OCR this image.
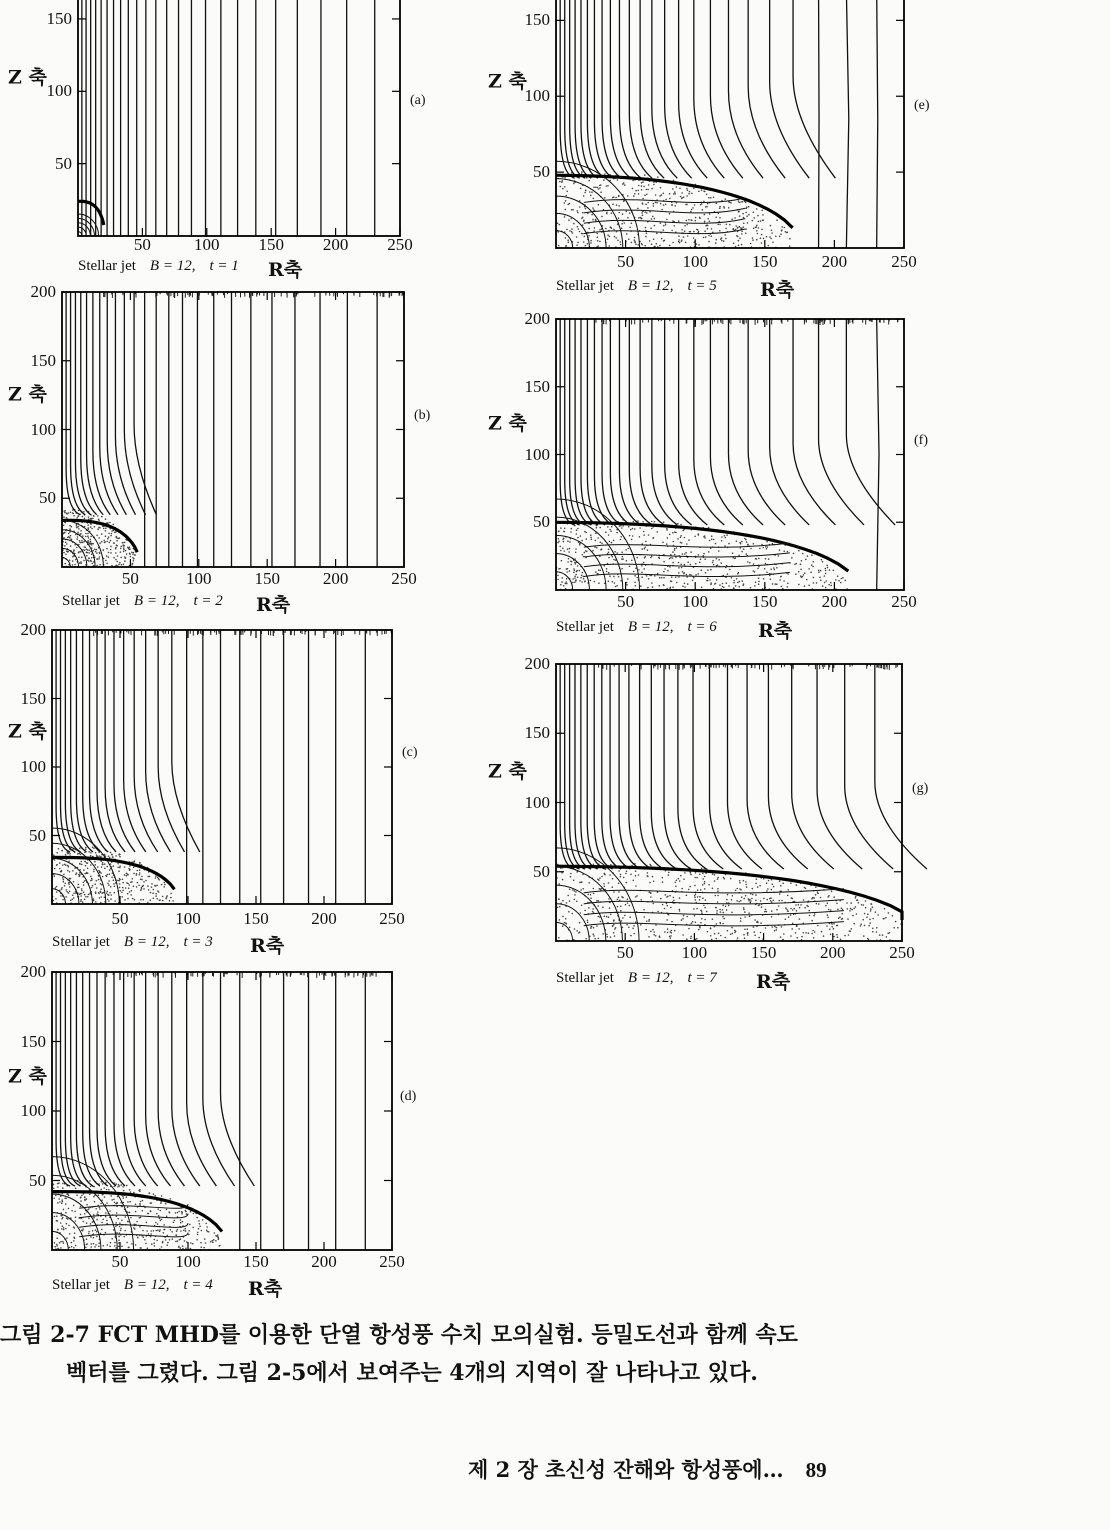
50	100 150 200 250
150
100
50
Z 축
(a)
Stellar jet B = 12, t = 1 R축
50	100	150	200	250
200
150
100
50
Z 축
(b)
Stellar jet B = 12, t = 2 R축
50	100	150	200	250
200
150
100
50
Z 축
(c)
Stellar jet B = 12, t = 3 R축
50	100	150	200	250
200
150
100
50
Z 축
(d)
Stellar jet B = 12, t = 4 R축
50	100	150	200	250
150
100
50
Z 축
(e)
Stellar jet B = 12, t = 5 R축
50	100	150	200	250
200
150
100
50
Z 축
(f)
Stellar jet B = 12, t = 6 R축
50	100	150	200	250
200
150
100
50
Z 축
(g)
Stellar jet B = 12, t = 7 R축
그림 2-7 FCT MHD를 이용한 단열 항성풍 수치 모의실험. 등밀도선과 함께 속도
벡터를 그렸다. 그림 2-5에서 보여주는 4개의 지역이 잘 나타나고 있다.
제 2 장 초신성 잔해와 항성풍에… 89
